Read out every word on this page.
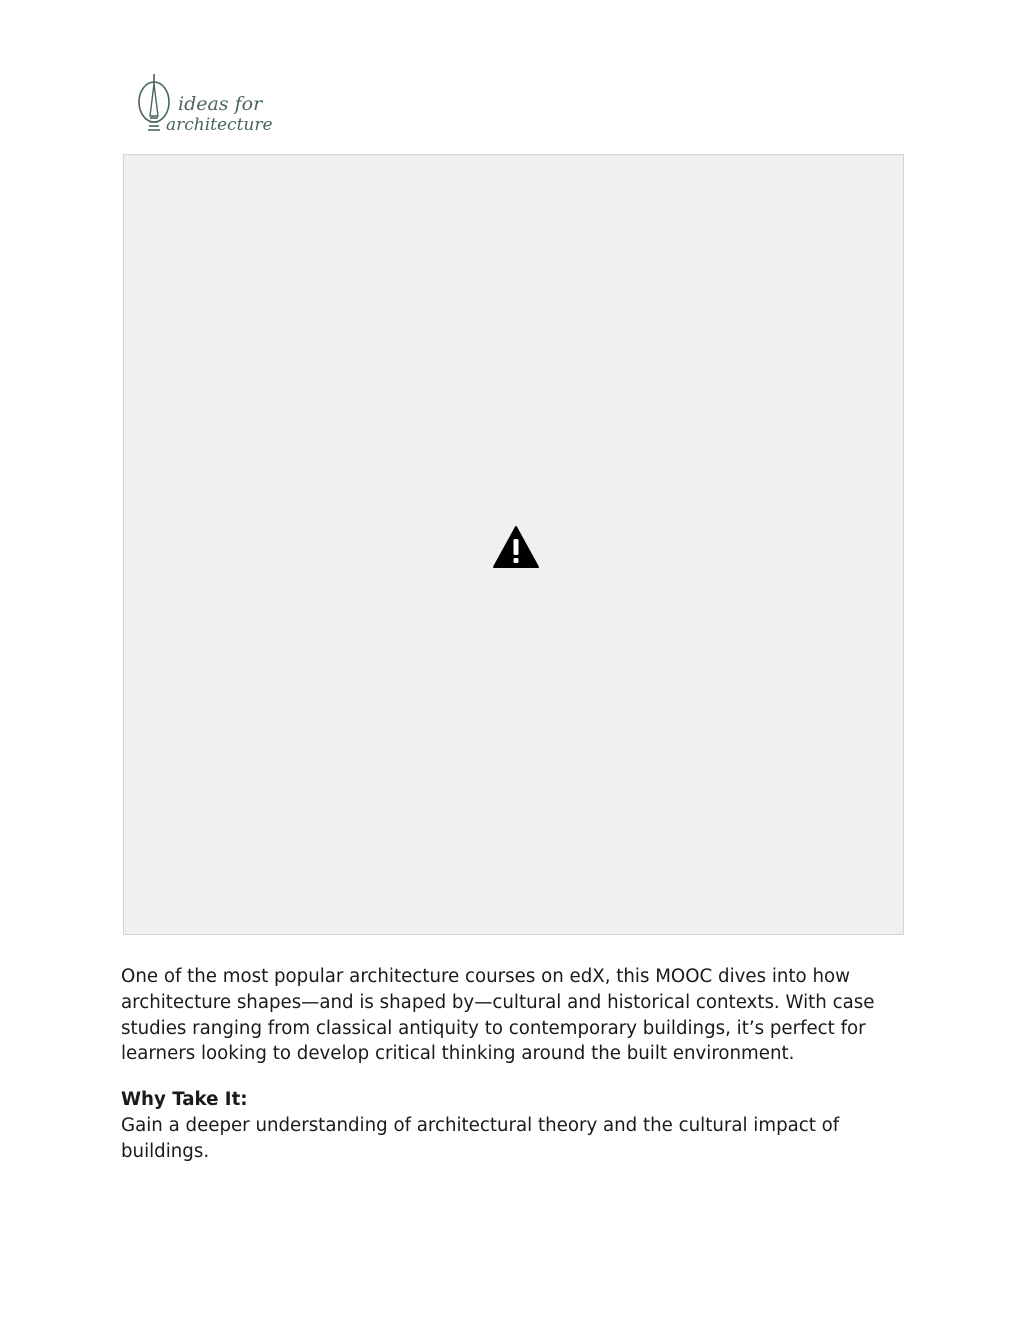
ideas for
architecture

One of the most popular architecture courses on edX, this MOOC dives into how architecture shapes—and is shaped by—cultural and historical contexts. With case studies ranging from classical antiquity to contemporary buildings, it’s perfect for learners looking to develop critical thinking around the built environment.

Why Take It:

Gain a deeper understanding of architectural theory and the cultural impact of buildings.
